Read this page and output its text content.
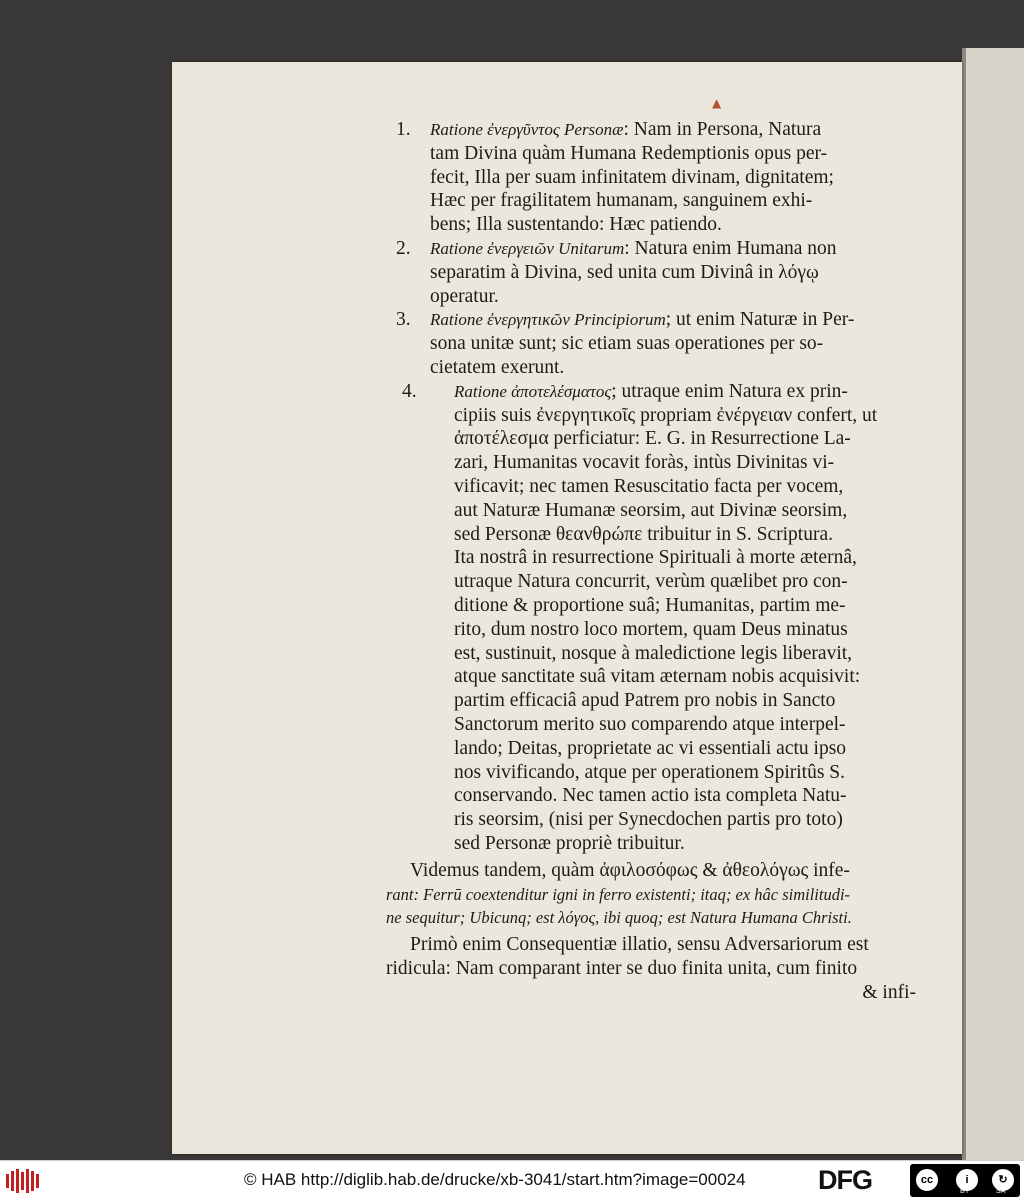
▲
1. Ratione ἐνεργῦντος Personæ: Nam in Persona, Natura
tam Divina quàm Humana Redemptionis opus per-
fecit, Illa per suam infinitatem divinam, dignitatem;
Hæc per fragilitatem humanam, sanguinem exhi-
bens; Illa sustentando: Hæc patiendo.
2. Ratione ἐνεργειῶν Unitarum: Natura enim Humana non
separatim à Divina, sed unita cum Divinâ in λόγῳ
operatur.
3. Ratione ἐνεργητικῶν Principiorum; ut enim Naturæ in Per-
sona unitæ sunt; sic etiam suas operationes per so-
cietatem exerunt.
4. Ratione ἀποτελέσματος; utraque enim Natura ex prin-
cipiis suis ἐνεργητικοῖς propriam ἐνέργειαν confert, ut
ἀποτέλεσμα perficiatur: E. G. in Resurrectione La-
zari, Humanitas vocavit foràs, intùs Divinitas vi-
vificavit; nec tamen Resuscitatio facta per vocem,
aut Naturæ Humanæ seorsim, aut Divinæ seorsim,
sed Personæ θεανθρώπε tribuitur in S. Scriptura.
Ita nostrâ in resurrectione Spirituali à morte æternâ,
utraque Natura concurrit, verùm quælibet pro con-
ditione & proportione suâ; Humanitas, partim me-
rito, dum nostro loco mortem, quam Deus minatus
est, sustinuit, nosque à maledictione legis liberavit,
atque sanctitate suâ vitam æternam nobis acquisivit:
partim efficaciâ apud Patrem pro nobis in Sancto
Sanctorum merito suo comparendo atque interpel-
lando; Deitas, proprietate ac vi essentiali actu ipso
nos vivificando, atque per operationem Spiritûs S.
conservando. Nec tamen actio ista completa Natu-
ris seorsim, (nisi per Synecdochen partis pro toto)
sed Personæ propriè tribuitur.
Videmus tandem, quàm ἀφιλοσόφως & ἀθεολόγως infe-
rant: Ferrū coextenditur igni in ferro existenti; itaq; ex hâc similitudi-
ne sequitur; Ubicunq; est λόγος, ibi quoq; est Natura Humana Christi.
Primò enim Consequentiæ illatio, sensu Adversariorum est
ridicula: Nam comparant inter se duo finita unita, cum finito
& infi-
© HAB http://diglib.hab.de/drucke/xb-3041/start.htm?image=00024	DFG	cc	i	↻
BY	SA
